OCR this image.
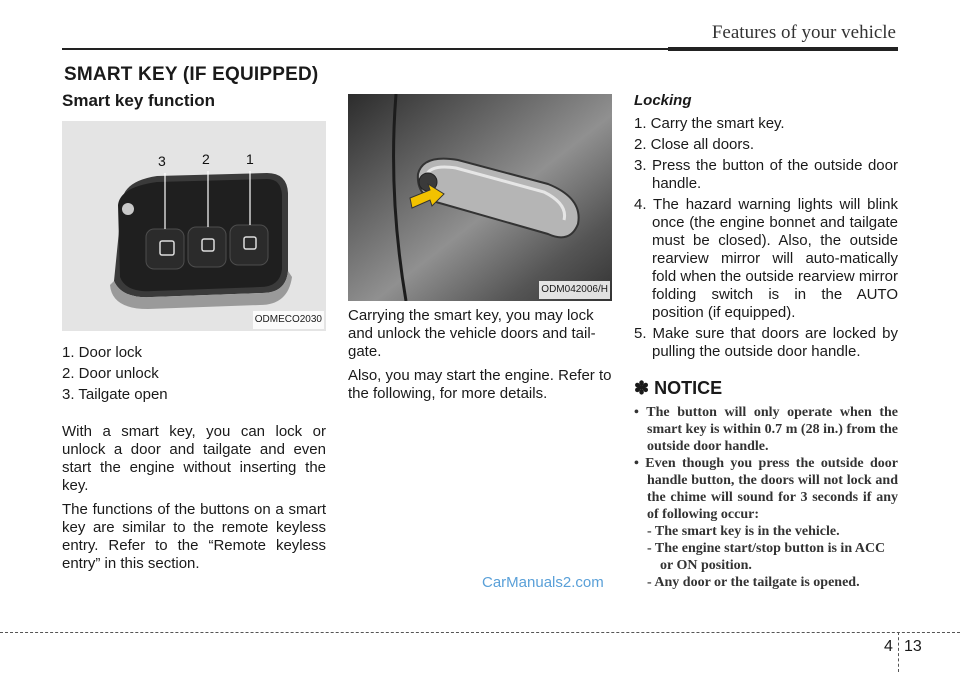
Features of your vehicle
SMART KEY (IF EQUIPPED)
Smart key function
3	2	1
ODMECO2030
1. Door lock
2. Door unlock
3. Tailgate open

With a smart key, you can lock or unlock a door and tailgate and even start the engine without inserting the key.

The functions of the buttons on a smart key are similar to the remote keyless entry. Refer to the “Remote keyless entry” in this section.

ODM042006/H

Carrying the smart key, you may lock and unlock the vehicle doors and tail-gate.

Also, you may start the engine. Refer to the following, for more details.

Locking
1. Carry the smart key.
2. Close all doors.
3. Press the button of the outside door handle.
4. The hazard warning lights will blink once (the engine bonnet and tailgate must be closed). Also, the outside rearview mirror will auto-matically fold when the outside rearview mirror folding switch is in the AUTO position (if equipped).
5. Make sure that doors are locked by pulling the outside door handle.
✽ NOTICE
• The button will only operate when the smart key is within 0.7 m (28 in.) from the outside door handle.
• Even though you press the outside door handle button, the doors will not lock and the chime will sound for 3 seconds if any of following occur:
- The smart key is in the vehicle.
- The engine start/stop button is in ACC or ON position.
- Any door or the tailgate is opened.
CarManuals2.com
4 13
